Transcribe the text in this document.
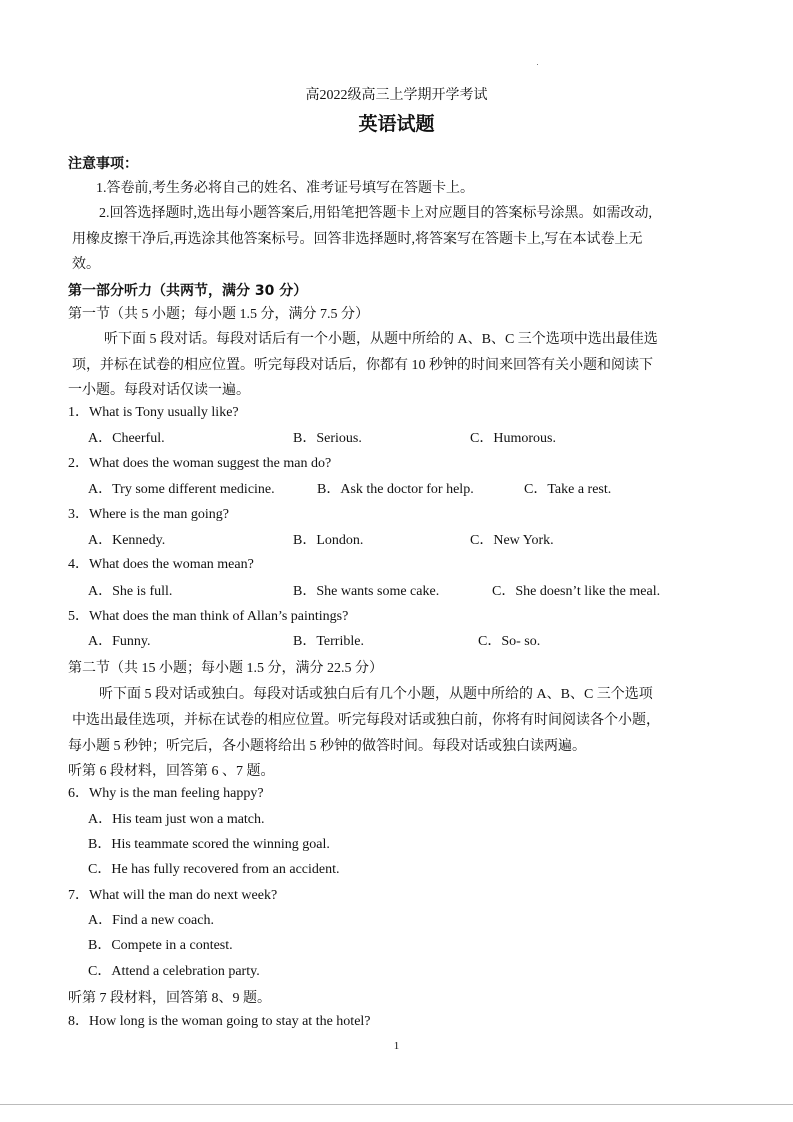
高2022级高三上学期开学考试
英语试题
注意事项：
1.答卷前,考生务必将自己的姓名、准考证号填写在答题卡上。
2.回答选择题时,选出每小题答案后,用铅笔把答题卡上对应题目的答案标号涂黑。如需改动,
用橡皮擦干净后,再选涂其他答案标号。回答非选择题时,将答案写在答题卡上,写在本试卷上无
效。
第一部分听力（共两节，满分 30 分）
第一节（共 5 小题；每小题 1.5 分，满分 7.5 分）
听下面 5 段对话。每段对话后有一个小题，从题中所给的 A、B、C 三个选项中选出最佳选
项，并标在试卷的相应位置。听完每段对话后，你都有 10 秒钟的时间来回答有关小题和阅读下
一小题。每段对话仅读一遍。
1．What is Tony usually like?
A．Cheerful.	B．Serious.	C．Humorous.
2．What does the woman suggest the man do?
A．Try some different medicine.	B．Ask the doctor for help.	C．Take a rest.
3．Where is the man going?
A．Kennedy.	B．London.	C．New York.
4．What does the woman mean?
A．She is full.	B．She wants some cake.	C．She doesn’t like the meal.
5．What does the man think of Allan’s paintings?
A．Funny.	B．Terrible.	C．So- so.
第二节（共 15 小题；每小题 1.5 分，满分 22.5 分）
听下面 5 段对话或独白。每段对话或独白后有几个小题，从题中所给的 A、B、C 三个选项
中选出最佳选项，并标在试卷的相应位置。听完每段对话或独白前，你将有时间阅读各个小题，
每小题 5 秒钟；听完后，各小题将给出 5 秒钟的做答时间。每段对话或独白读两遍。
听第 6 段材料，回答第 6 、7 题。
6．Why is the man feeling happy?
A．His team just won a match.
B．His teammate scored the winning goal.
C．He has fully recovered from an accident.
7．What will the man do next week?
A．Find a new coach.
B．Compete in a contest.
C．Attend a celebration party.
听第 7 段材料，回答第 8、9 题。
8．How long is the woman going to stay at the hotel?
1
